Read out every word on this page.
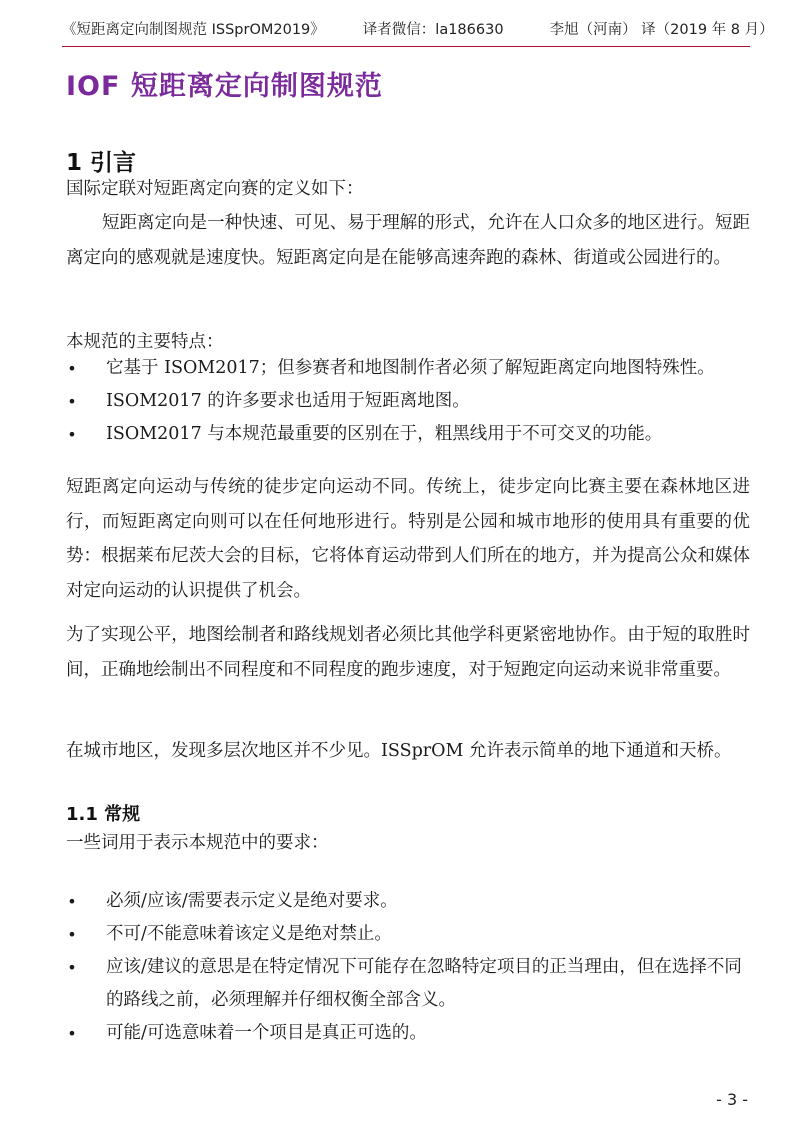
《短距离定向制图规范 ISSprOM2019》	译者微信：la186630	李旭（河南） 译（2019 年 8 月）
IOF 短距离定向制图规范
1 引言

国际定联对短距离定向赛的定义如下：

短距离定向是一种快速、可见、易于理解的形式，允许在人口众多的地区进行。短距离定向的感观就是速度快。短距离定向是在能够高速奔跑的森林、街道或公园进行的。

本规范的主要特点：

• 它基于 ISOM2017；但参赛者和地图制作者必须了解短距离定向地图特殊性。
• ISOM2017 的许多要求也适用于短距离地图。
• ISOM2017 与本规范最重要的区别在于，粗黑线用于不可交叉的功能。

短距离定向运动与传统的徒步定向运动不同。传统上，徒步定向比赛主要在森林地区进行，而短距离定向则可以在任何地形进行。特别是公园和城市地形的使用具有重要的优势：根据莱布尼茨大会的目标，它将体育运动带到人们所在的地方，并为提高公众和媒体对定向运动的认识提供了机会。

为了实现公平，地图绘制者和路线规划者必须比其他学科更紧密地协作。由于短的取胜时间，正确地绘制出不同程度和不同程度的跑步速度，对于短跑定向运动来说非常重要。

在城市地区，发现多层次地区并不少见。ISSprOM 允许表示简单的地下通道和天桥。

1.1 常规

一些词用于表示本规范中的要求：

• 必须/应该/需要表示定义是绝对要求。
• 不可/不能意味着该定义是绝对禁止。
• 应该/建议的意思是在特定情况下可能存在忽略特定项目的正当理由，但在选择不同的路线之前，必须理解并仔细权衡全部含义。
• 可能/可选意味着一个项目是真正可选的。
- 3 -
